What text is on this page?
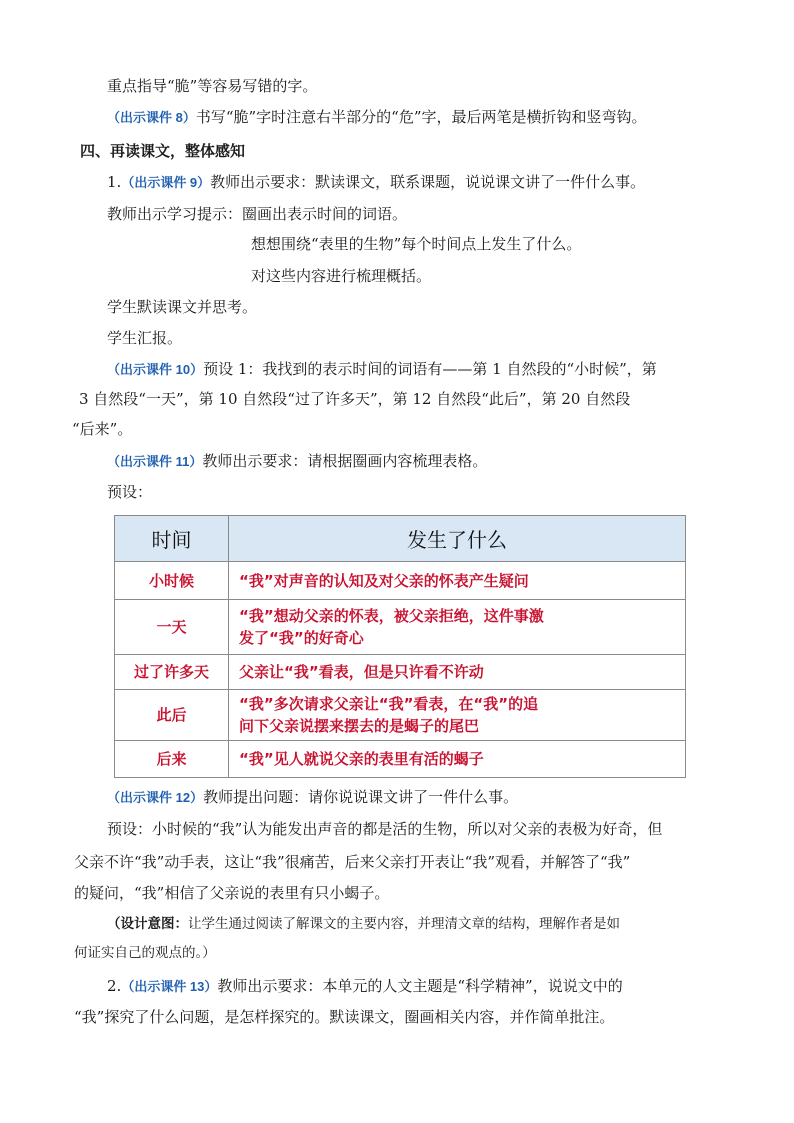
重点指导“脆”等容易写错的字。
（出示课件 8）书写“脆”字时注意右半部分的“危”字，最后两笔是横折钩和竖弯钩。
四、再读课文，整体感知
1.（出示课件 9）教师出示要求：默读课文，联系课题，说说课文讲了一件什么事。
教师出示学习提示：圈画出表示时间的词语。
想想围绕“表里的生物”每个时间点上发生了什么。
对这些内容进行梳理概括。
学生默读课文并思考。
学生汇报。
（出示课件 10）预设 1：我找到的表示时间的词语有——第 1 自然段的“小时候”，第
3 自然段“一天”，第 10 自然段“过了许多天”，第 12 自然段“此后”，第 20 自然段
“后来”。
（出示课件 11）教师出示要求：请根据圈画内容梳理表格。
预设：
时间	发生了什么
小时候	“我”对声音的认知及对父亲的怀表产生疑问

一天	“我”想动父亲的怀表，被父亲拒绝，这件事激
发了“我”的好奇心

过了许多天	父亲让“我”看表，但是只许看不许动

此后	“我”多次请求父亲让“我”看表，在“我”的追
问下父亲说摆来摆去的是蝎子的尾巴

后来	“我”见人就说父亲的表里有活的蝎子
（出示课件 12）教师提出问题：请你说说课文讲了一件什么事。
预设：小时候的“我”认为能发出声音的都是活的生物，所以对父亲的表极为好奇，但
父亲不许“我”动手表，这让“我”很痛苦，后来父亲打开表让“我”观看，并解答了“我”
的疑问，“我”相信了父亲说的表里有只小蝎子。
（设计意图：让学生通过阅读了解课文的主要内容，并理清文章的结构，理解作者是如
何证实自己的观点的。）
2.（出示课件 13）教师出示要求：本单元的人文主题是“科学精神”，说说文中的
“我”探究了什么问题，是怎样探究的。默读课文，圈画相关内容，并作简单批注。
